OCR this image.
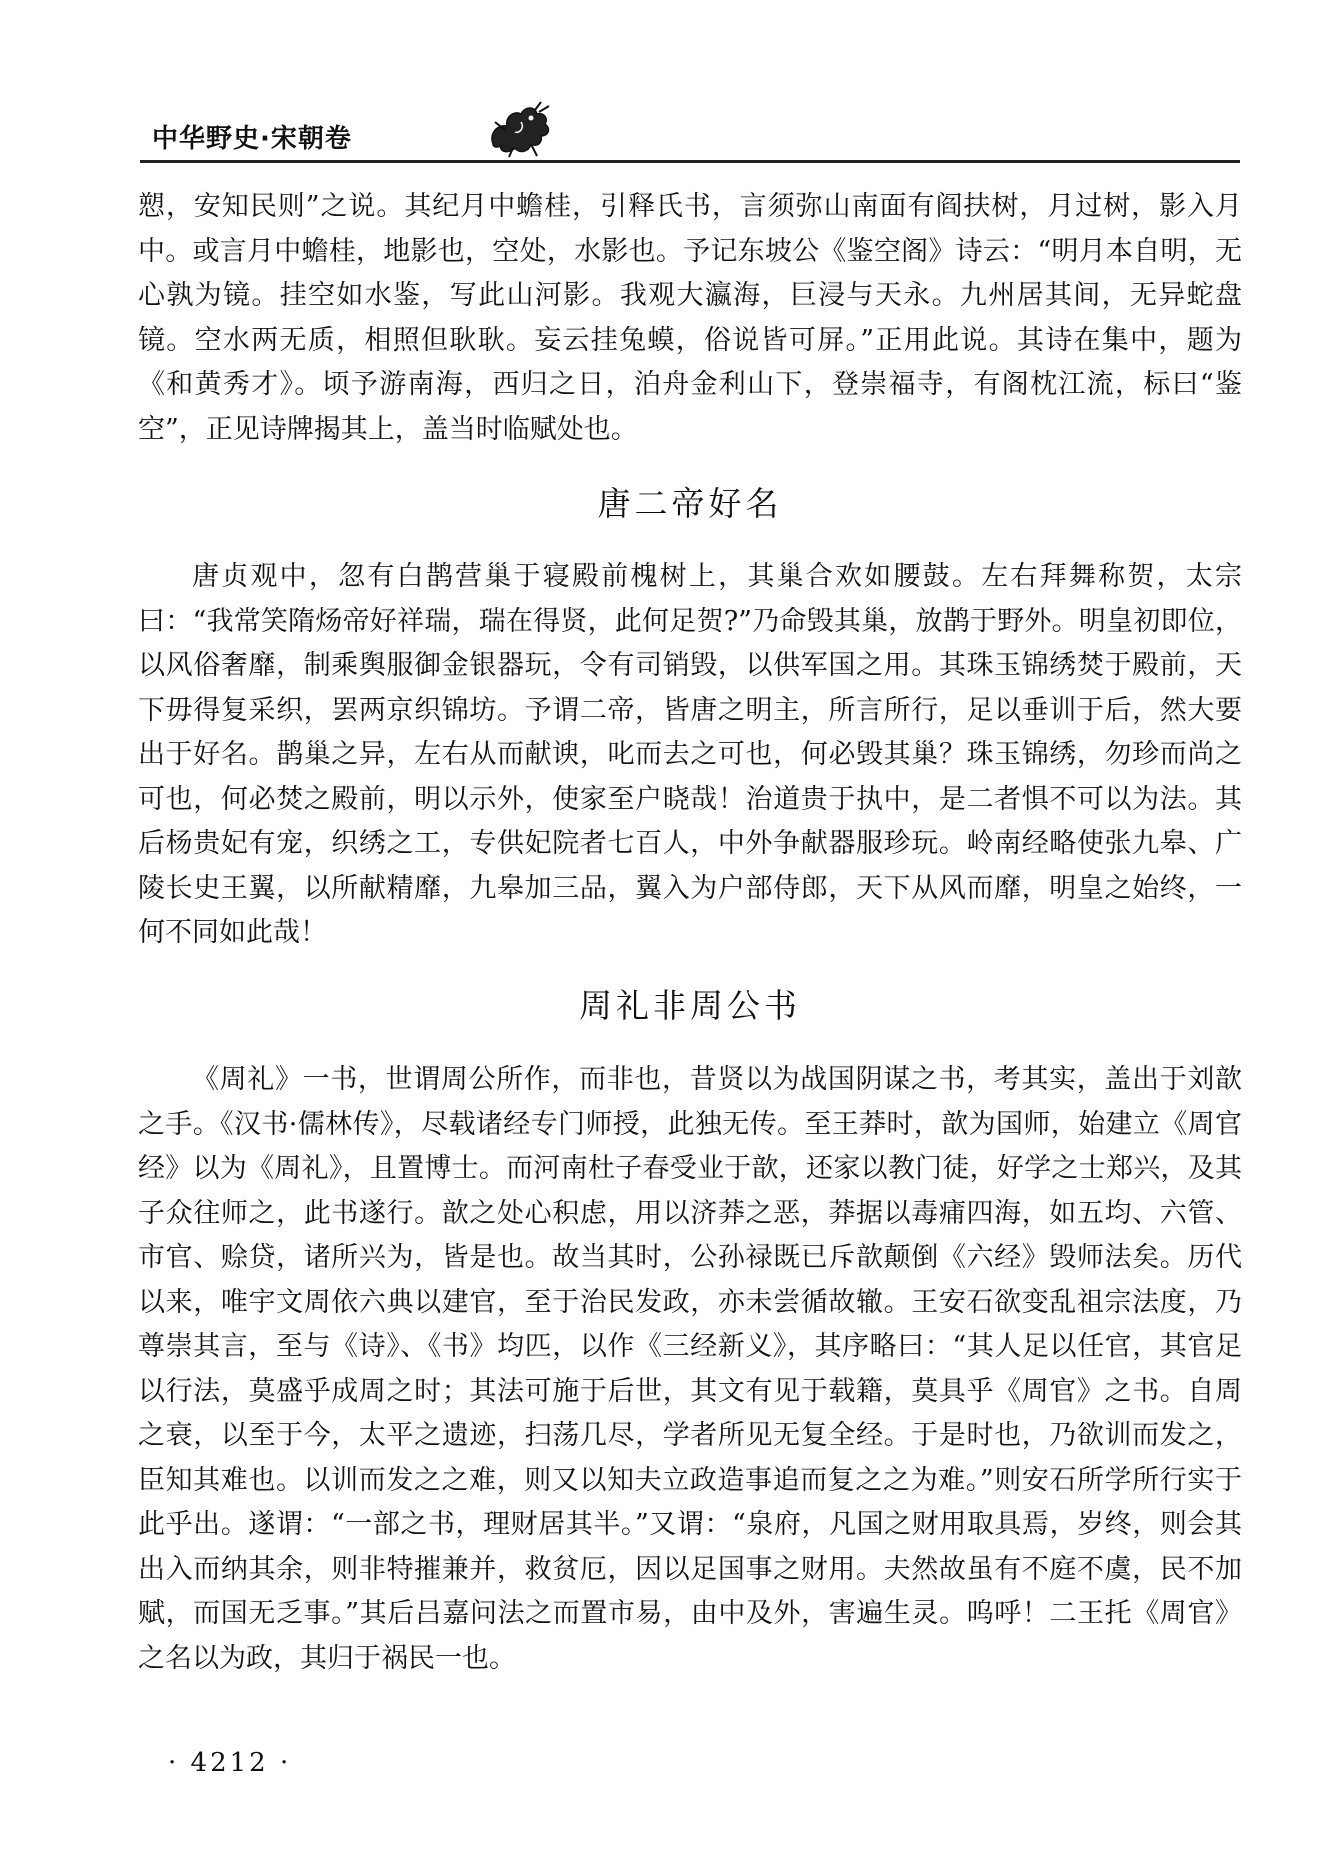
中华野史·宋朝卷

愬，安知民则”之说。其纪月中蟾桂，引释氏书，言须弥山南面有阎扶树，月过树，影入月中。或言月中蟾桂，地影也，空处，水影也。予记东坡公《鉴空阁》诗云：“明月本自明，无心孰为镜。挂空如水鉴，写此山河影。我观大瀛海，巨浸与天永。九州居其间，无异蛇盘镜。空水两无质，相照但耿耿。妄云挂兔蟆，俗说皆可屏。”正用此说。其诗在集中，题为《和黄秀才》。顷予游南海，西归之日，泊舟金利山下，登崇福寺，有阁枕江流，标曰“鉴空”，正见诗牌揭其上，盖当时临赋处也。

唐二帝好名

唐贞观中，忽有白鹊营巢于寝殿前槐树上，其巢合欢如腰鼓。左右拜舞称贺，太宗曰：“我常笑隋炀帝好祥瑞，瑞在得贤，此何足贺?”乃命毁其巢，放鹊于野外。明皇初即位，以风俗奢靡，制乘舆服御金银器玩，令有司销毁，以供军国之用。其珠玉锦绣焚于殿前，天下毋得复采织，罢两京织锦坊。予谓二帝，皆唐之明主，所言所行，足以垂训于后，然大要出于好名。鹊巢之异，左右从而献谀，叱而去之可也，何必毁其巢？珠玉锦绣，勿珍而尚之可也，何必焚之殿前，明以示外，使家至户晓哉！治道贵于执中，是二者惧不可以为法。其后杨贵妃有宠，织绣之工，专供妃院者七百人，中外争献器服珍玩。岭南经略使张九皋、广陵长史王翼，以所献精靡，九皋加三品，翼入为户部侍郎，天下从风而靡，明皇之始终，一何不同如此哉！

周礼非周公书

《周礼》一书，世谓周公所作，而非也，昔贤以为战国阴谋之书，考其实，盖出于刘歆之手。《汉书·儒林传》，尽载诸经专门师授，此独无传。至王莽时，歆为国师，始建立《周官经》以为《周礼》，且置博士。而河南杜子春受业于歆，还家以教门徒，好学之士郑兴，及其子众往师之，此书遂行。歆之处心积虑，用以济莽之恶，莽据以毒痡四海，如五均、六管、市官、赊贷，诸所兴为，皆是也。故当其时，公孙禄既已斥歆颠倒《六经》毁师法矣。历代以来，唯宇文周依六典以建官，至于治民发政，亦未尝循故辙。王安石欲变乱祖宗法度，乃尊崇其言，至与《诗》、《书》均匹，以作《三经新义》，其序略曰：“其人足以任官，其官足以行法，莫盛乎成周之时；其法可施于后世，其文有见于载籍，莫具乎《周官》之书。自周之衰，以至于今，太平之遗迹，扫荡几尽，学者所见无复全经。于是时也，乃欲训而发之，臣知其难也。以训而发之之难，则又以知夫立政造事追而复之之为难。”则安石所学所行实于此乎出。遂谓：“一部之书，理财居其半。”又谓：“泉府，凡国之财用取具焉，岁终，则会其出入而纳其余，则非特摧兼并，救贫厄，因以足国事之财用。夫然故虽有不庭不虞，民不加赋，而国无乏事。”其后吕嘉问法之而置市易，由中及外，害遍生灵。呜呼！二王托《周官》之名以为政，其归于祸民一也。

· 4212 ·
